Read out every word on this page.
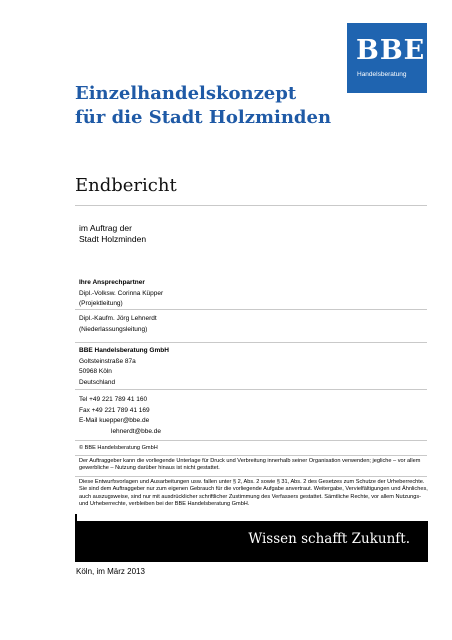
BBE
Handelsberatung
Einzelhandelskonzept
für die Stadt Holzminden
Endbericht
im Auftrag der
Stadt Holzminden
Ihre Ansprechpartner
Dipl.-Volksw. Corinna Küpper
(Projektleitung)
Dipl.-Kaufm. Jörg Lehnerdt
(Niederlassungsleitung)
BBE Handelsberatung GmbH
Goltsteinstraße 87a
50968 Köln
Deutschland
Tel +49 221 789 41 160
Fax +49 221 789 41 169
E-Mail kuepper@bbe.de
lehnerdt@bbe.de
© BBE Handelsberatung GmbH
Der Auftraggeber kann die vorliegende Unterlage für Druck und Verbreitung innerhalb seiner Organisation verwenden; jegliche – vor allem gewerbliche – Nutzung darüber hinaus ist nicht gestattet.
Diese Entwurfsvorlagen und Ausarbeitungen usw. fallen unter § 2, Abs. 2 sowie § 31, Abs. 2 des Gesetzes zum Schutze der Urheberrechte. Sie sind dem Auftraggeber nur zum eigenen Gebrauch für die vorliegende Aufgabe anvertraut. Weitergabe, Vervielfältigungen und Ähnliches, auch auszugsweise, sind nur mit ausdrücklicher schriftlicher Zustimmung des Verfassers gestattet. Sämtliche Rechte, vor allem Nutzungs- und Urheberrechte, verbleiben bei der BBE Handelsberatung GmbH.
Wissen schafft Zukunft.
Köln, im März 2013
